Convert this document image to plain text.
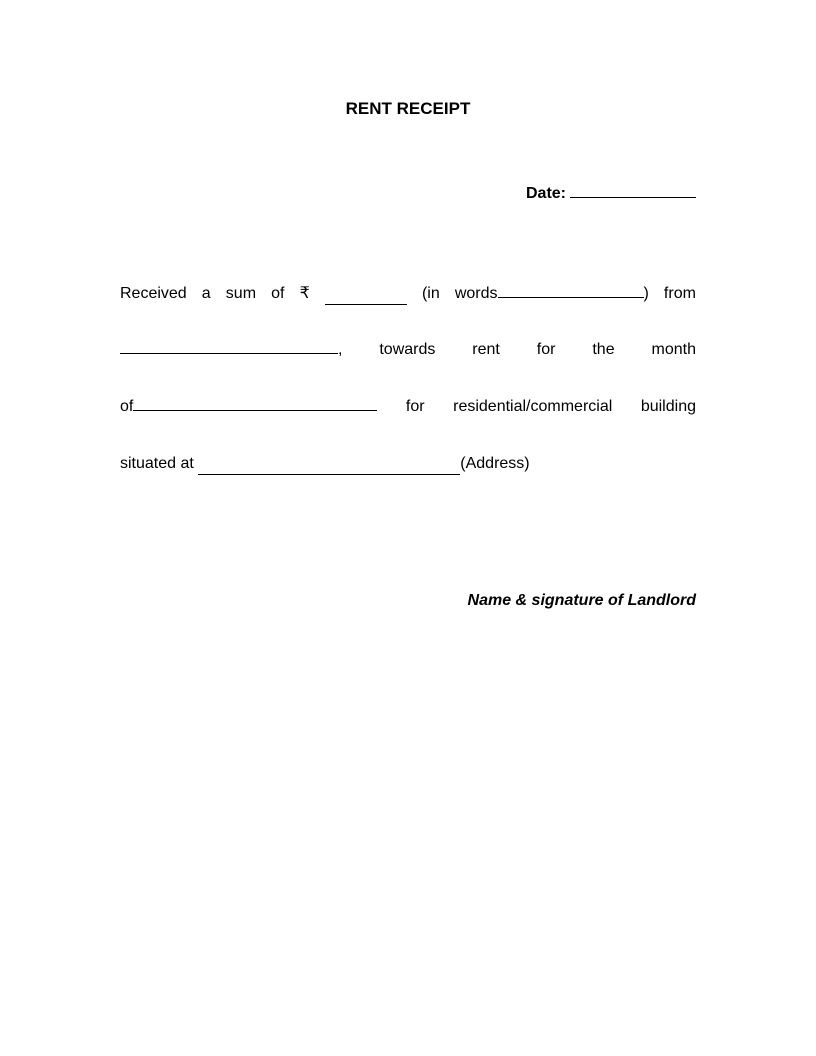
RENT RECEIPT
Date:
Received a sum of ₹	(in words	) from
, towards rent for the month
of	for residential/commercial building
situated at	(Address)
Name & signature of Landlord
